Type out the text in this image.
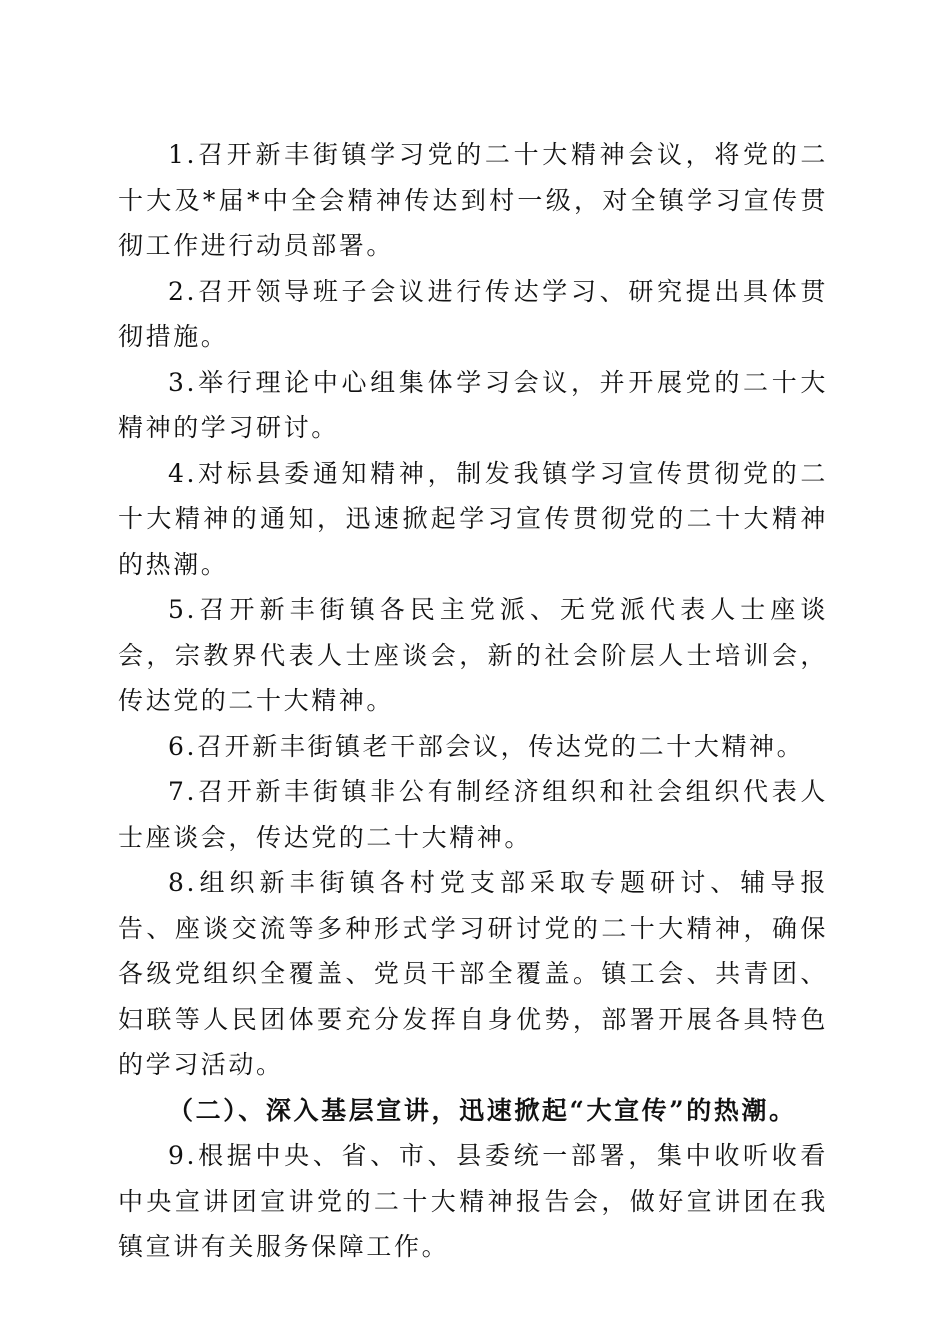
1.召开新丰街镇学习党的二十大精神会议，将党的二十大及*届*中全会精神传达到村一级，对全镇学习宣传贯彻工作进行动员部署。

2.召开领导班子会议进行传达学习、研究提出具体贯彻措施。

3.举行理论中心组集体学习会议，并开展党的二十大精神的学习研讨。

4.对标县委通知精神，制发我镇学习宣传贯彻党的二十大精神的通知，迅速掀起学习宣传贯彻党的二十大精神的热潮。

5.召开新丰街镇各民主党派、无党派代表人士座谈会，宗教界代表人士座谈会，新的社会阶层人士培训会，传达党的二十大精神。

6.召开新丰街镇老干部会议，传达党的二十大精神。

7.召开新丰街镇非公有制经济组织和社会组织代表人士座谈会，传达党的二十大精神。

8.组织新丰街镇各村党支部采取专题研讨、辅导报告、座谈交流等多种形式学习研讨党的二十大精神，确保各级党组织全覆盖、党员干部全覆盖。镇工会、共青团、妇联等人民团体要充分发挥自身优势，部署开展各具特色的学习活动。

（二）、深入基层宣讲，迅速掀起“大宣传”的热潮。

9.根据中央、省、市、县委统一部署，集中收听收看中央宣讲团宣讲党的二十大精神报告会，做好宣讲团在我镇宣讲有关服务保障工作。
